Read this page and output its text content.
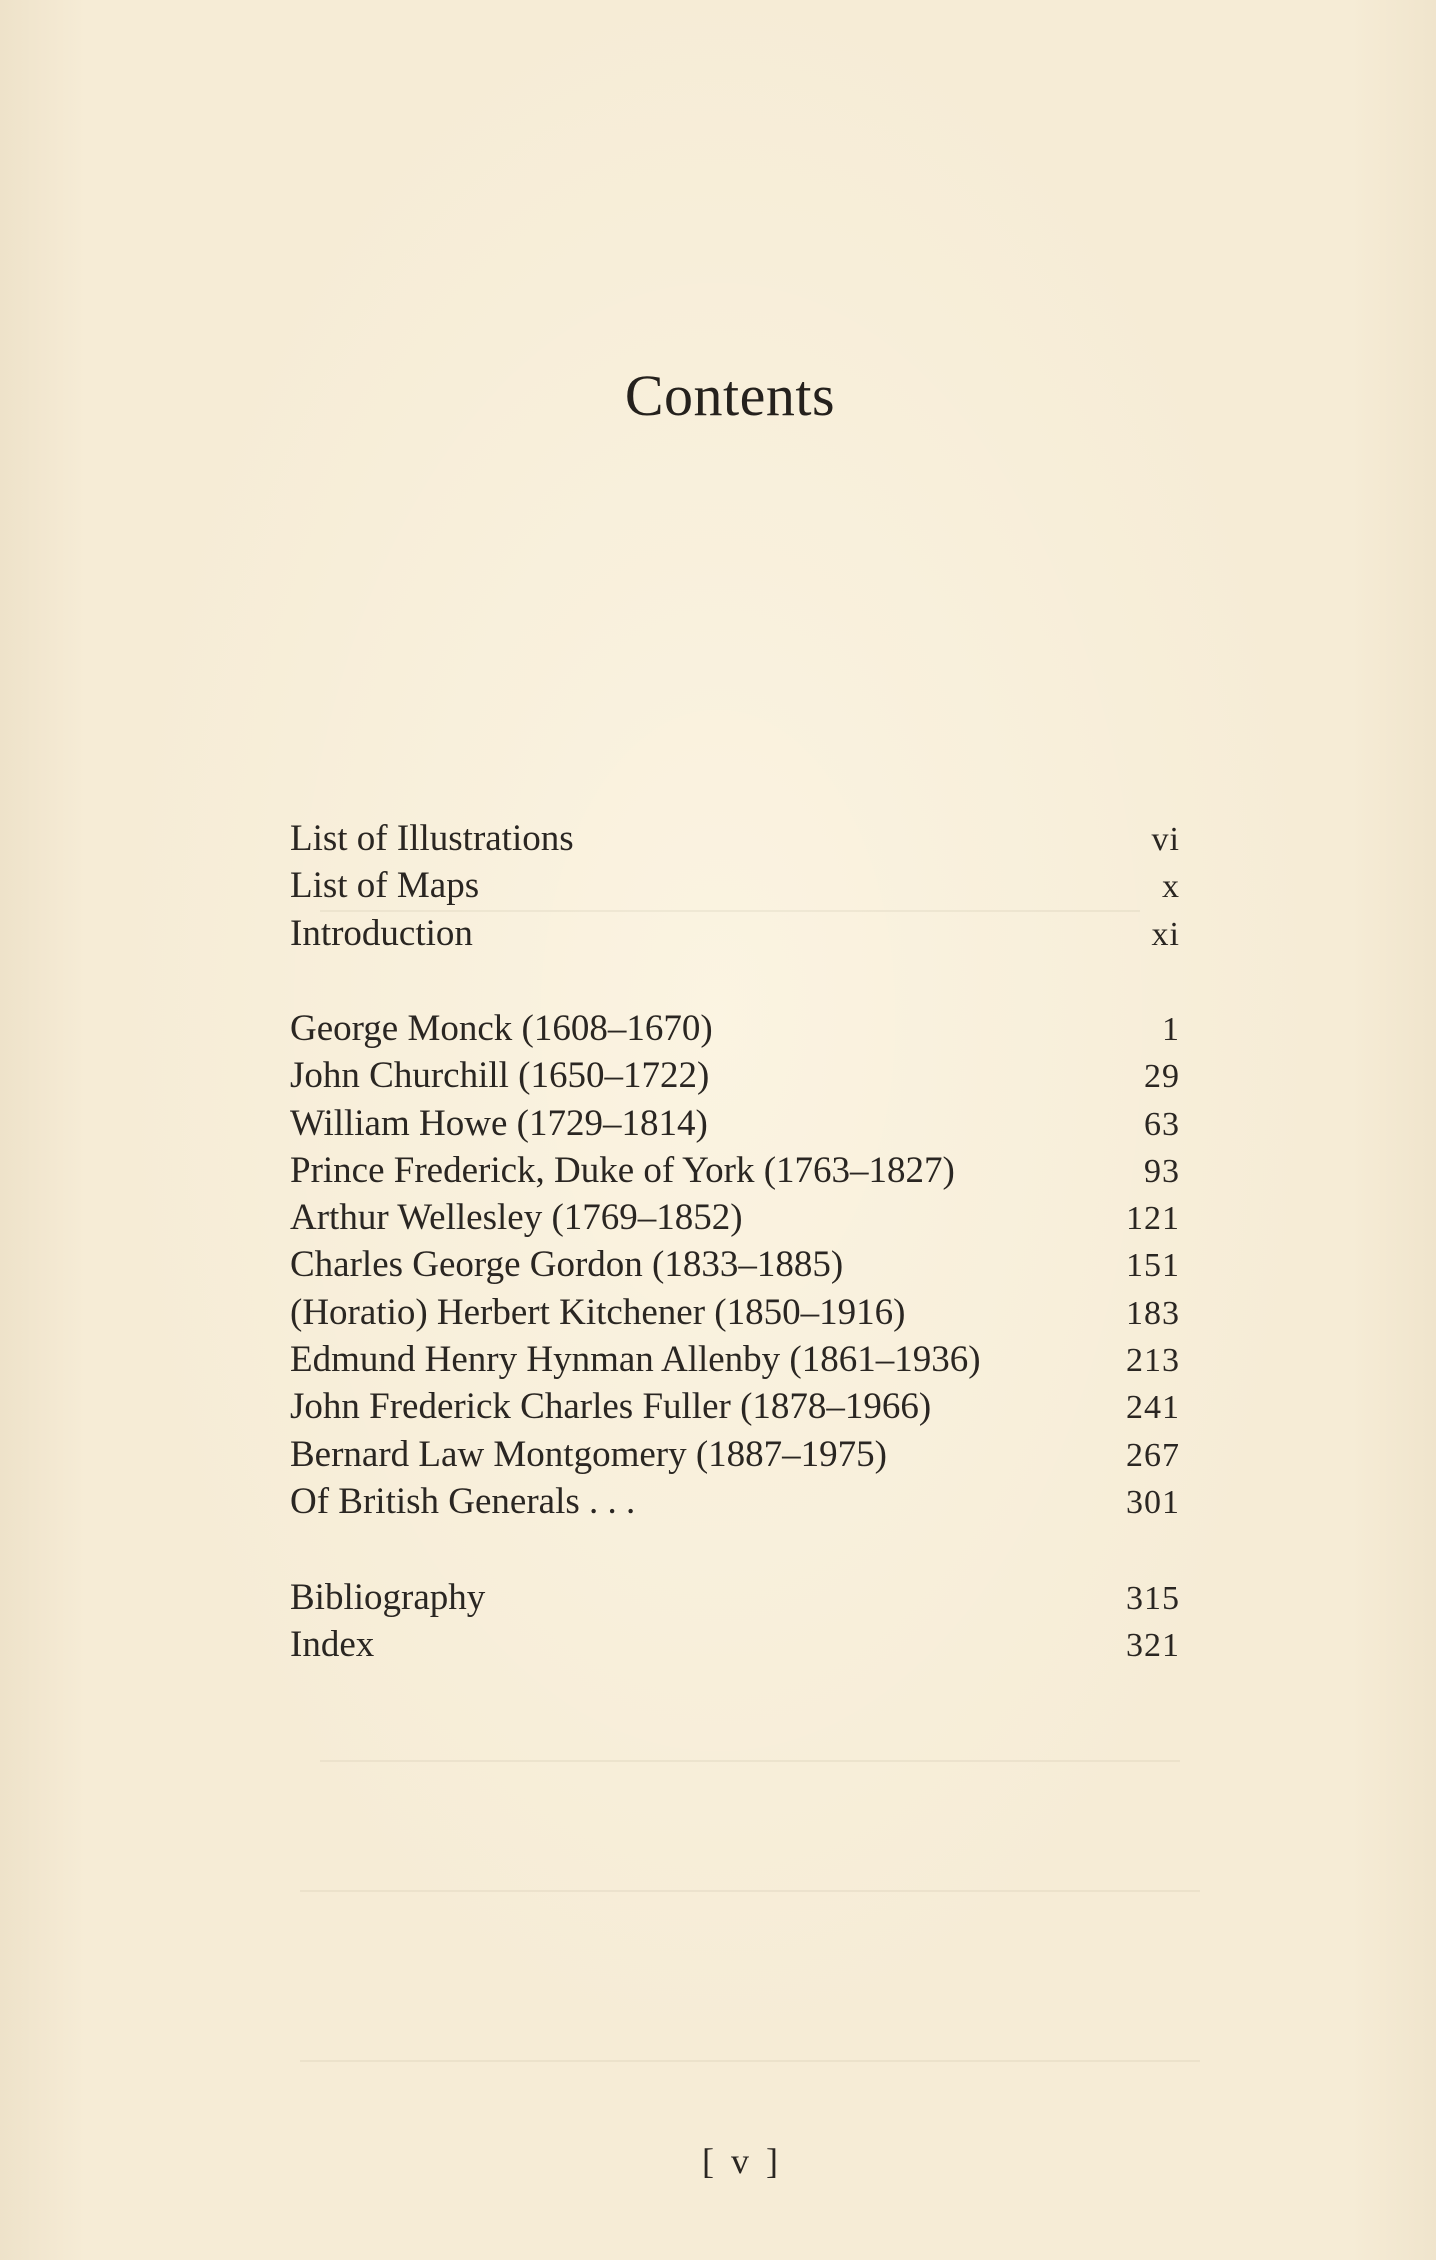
Contents
List of Illustrations	vi
List of Maps	x
Introduction	xi
George Monck (1608–1670)	1
John Churchill (1650–1722)	29
William Howe (1729–1814)	63
Prince Frederick, Duke of York (1763–1827)	93
Arthur Wellesley (1769–1852)	121
Charles George Gordon (1833–1885)	151
(Horatio) Herbert Kitchener (1850–1916)	183
Edmund Henry Hynman Allenby (1861–1936)	213
John Frederick Charles Fuller (1878–1966)	241
Bernard Law Montgomery (1887–1975)	267
Of British Generals . . .	301
Bibliography	315
Index	321
[ v ]
